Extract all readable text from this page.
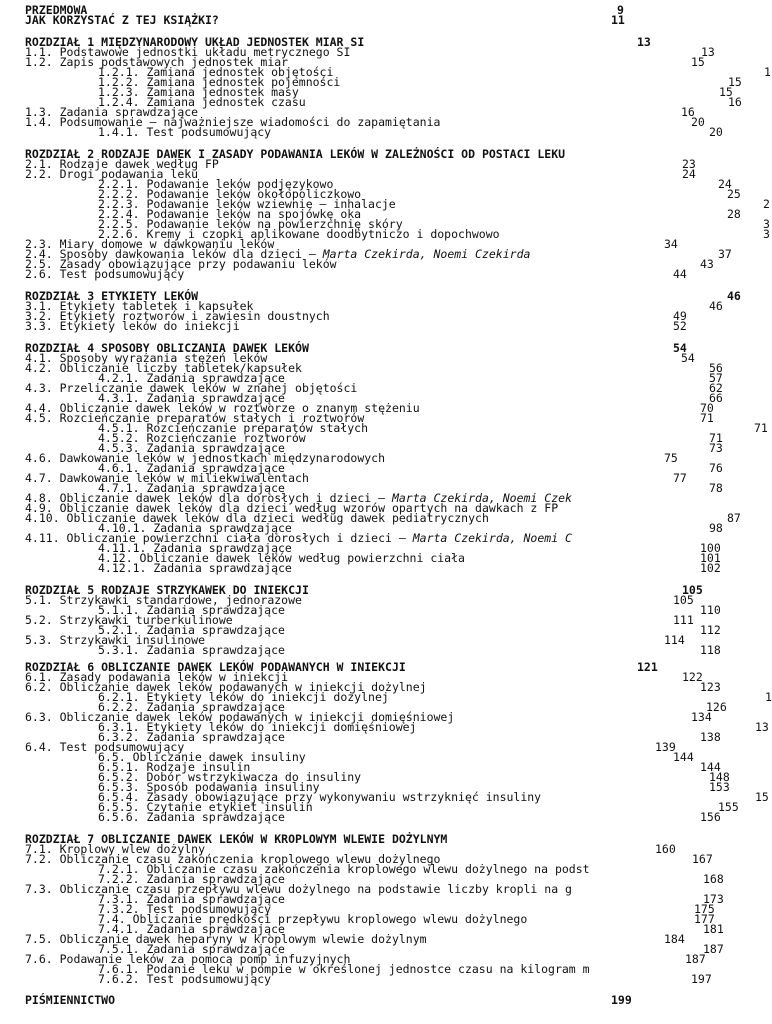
PRZEDMOWA	9
JAK KORZYSTAĆ Z TEJ KSIĄŻKI?	11
ROZDZIAŁ 1 MIĘDZYNARODOWY UKŁAD JEDNOSTEK MIAR SI	13
1.1. Podstawowe jednostki układu metrycznego SI	13
1.2. Zapis podstawowych jednostek miar	15
1.2.1. Zamiana jednostek objętości	1
1.2.2. Zamiana jednostek pojemności	15
1.2.3. Zamiana jednostek masy	15
1.2.4. Zamiana jednostek czasu	16
1.3. Zadania sprawdzające	16
1.4. Podsumowanie – najważniejsze wiadomości do zapamiętania	20
1.4.1. Test podsumowujący	20
ROZDZIAŁ 2 RODZAJE DAWEK I ZASADY PODAWANIA LEKÓW W ZALEŻNOŚCI OD POSTACI LEKU
2.1. Rodzaje dawek według FP	23
2.2. Drogi podawania leku	24
2.2.1. Podawanie leków podjęzykowo	24
2.2.2. Podawanie leków okołopoliczkowo	25
2.2.3. Podawanie leków wziewnie – inhalacje	2
2.2.4. Podawanie leków na spojówkę oka	28
2.2.5. Podawanie leków na powierzchnię skóry	3
2.2.6. Kremy i czopki aplikowane doodbytniczo i dopochwowo	3
2.3. Miary domowe w dawkowaniu leków	34
2.4. Sposoby dawkowania leków dla dzieci – Marta Czekirda, Noemi Czekirda	37
2.5. Zasady obowiązujące przy podawaniu leków	43
2.6. Test podsumowujący	44
ROZDZIAŁ 3 ETYKIETY LEKÓW	46
3.1. Etykiety tabletek i kapsułek	46
3.2. Etykiety roztworów i zawiesin doustnych	49
3.3. Etykiety leków do iniekcji	52
ROZDZIAŁ 4 SPOSOBY OBLICZANIA DAWEK LEKÓW	54
4.1. Sposoby wyrażania stężeń leków	54
4.2. Obliczanie liczby tabletek/kapsułek	56
4.2.1. Zadania sprawdzające	57
4.3. Przeliczanie dawek leków w znanej objętości	62
4.3.1. Zadania sprawdzające	66
4.4. Obliczanie dawek leków w roztworze o znanym stężeniu	70
4.5. Rozcieńczanie preparatów stałych i roztworów	71
4.5.1. Rozcieńczanie preparatów stałych	71
4.5.2. Rozcieńczanie roztworów	71
4.5.3. Zadania sprawdzające	73
4.6. Dawkowanie leków w jednostkach międzynarodowych	75
4.6.1. Zadania sprawdzające	76
4.7. Dawkowanie leków w miliekwiwalentach	77
4.7.1. Zadania sprawdzające	78
4.8. Obliczanie dawek leków dla dorosłych i dzieci – Marta Czekirda, Noemi Czek
4.9. Obliczanie dawek leków dla dzieci według wzorów opartych na dawkach z FP
4.10. Obliczanie dawek leków dla dzieci według dawek pediatrycznych	87
4.10.1. Zadania sprawdzające	98
4.11. Obliczanie powierzchni ciała dorosłych i dzieci – Marta Czekirda, Noemi C
4.11.1. Zadania sprawdzające	100
4.12. Obliczanie dawek leków według powierzchni ciała	101
4.12.1. Zadania sprawdzające	102
ROZDZIAŁ 5 RODZAJE STRZYKAWEK DO INIEKCJI	105
5.1. Strzykawki standardowe, jednorazowe	105
5.1.1. Zadania sprawdzające	110
5.2. Strzykawki turberkulinowe	111
5.2.1. Zadania sprawdzające	112
5.3. Strzykawki insulinowe	114
5.3.1. Zadania sprawdzające	118
ROZDZIAŁ 6 OBLICZANIE DAWEK LEKÓW PODAWANYCH W INIEKCJI	121
6.1. Zasady podawania leków w iniekcji	122
6.2. Obliczanie dawek leków podawanych w iniekcji dożylnej	123
6.2.1. Etykiety leków do iniekcji dożylnej	1
6.2.2. Zadania sprawdzające	126
6.3. Obliczanie dawek leków podawanych w iniekcji domięśniowej	134
6.3.1. Etykiety leków do iniekcji domięśniowej	13
6.3.2. Zadania sprawdzające	138
6.4. Test podsumowujący	139
6.5. Obliczanie dawek insuliny	144
6.5.1. Rodzaje insulin	144
6.5.2. Dobór wstrzykiwacza do insuliny	148
6.5.3. Sposób podawania insuliny	153
6.5.4. Zasady obowiązujące przy wykonywaniu wstrzyknięć insuliny	15
6.5.5. Czytanie etykiet insulin	155
6.5.6. Zadania sprawdzające	156
ROZDZIAŁ 7 OBLICZANIE DAWEK LEKÓW W KROPLOWYM WLEWIE DOŻYLNYM
7.1. Kroplowy wlew dożylny	160
7.2. Obliczanie czasu zakończenia kroplowego wlewu dożylnego	167
7.2.1. Obliczanie czasu zakończenia kroplowego wlewu dożylnego na podst
7.2.2. Zadania sprawdzające	168
7.3. Obliczanie czasu przepływu wlewu dożylnego na podstawie liczby kropli na g
7.3.1. Zadania sprawdzające	173
7.3.2. Test podsumowujący	175
7.4. Obliczanie prędkości przepływu kroplowego wlewu dożylnego	177
7.4.1. Zadania sprawdzające	181
7.5. Obliczanie dawek heparyny w kroplowym wlewie dożylnym	184
7.5.1. Zadania sprawdzające	187
7.6. Podawanie leków za pomocą pomp infuzyjnych	187
7.6.1. Podanie leku w pompie w określonej jednostce czasu na kilogram m
7.6.2. Test podsumowujący	197
PIŚMIENNICTWO	199
